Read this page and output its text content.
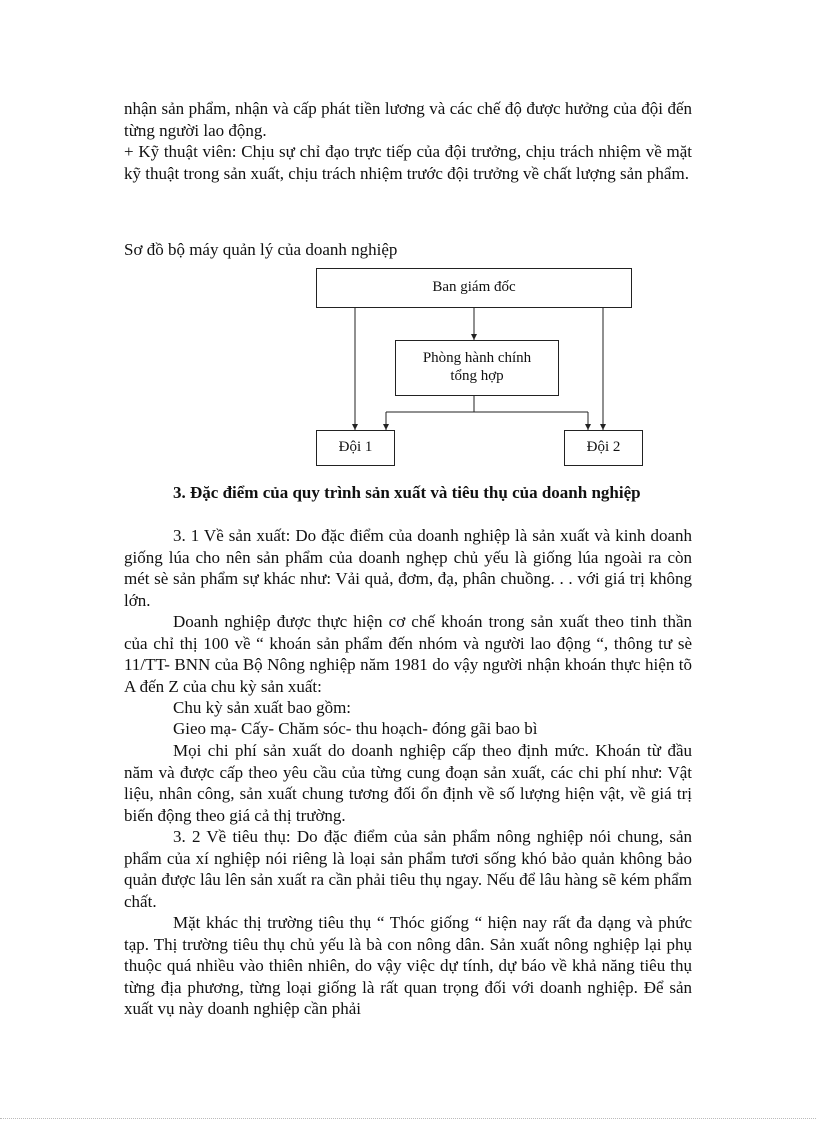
nhận sản phẩm, nhận và cấp phát tiền lương và các chế độ được hưởng của đội đến từng người lao động.

+ Kỹ thuật viên: Chịu sự chỉ đạo trực tiếp của đội trưởng, chịu trách nhiệm về mặt kỹ thuật trong sản xuất, chịu trách nhiệm trước đội trưởng về chất lượng sản phẩm.

Sơ đồ bộ máy quản lý của doanh nghiệp

Ban giám đốc
Phòng hành chính
tổng hợp
Đội 1	Đội 2

3. Đặc điểm của quy trình sản xuất và tiêu thụ của doanh nghiệp

3. 1 Về sản xuất: Do đặc điểm của doanh nghiệp là sản xuất và kinh doanh giống lúa cho nên sản phẩm của doanh nghẹp chủ yếu là giống lúa ngoài ra còn mét sè sản phẩm sự khác như: Vải quả, đơm, đạ, phân chuồng. . . với giá trị không lớn.

Doanh nghiệp được thực hiện cơ chế khoán trong sản xuất theo tinh thần của chỉ thị 100 về “ khoán sản phẩm đến nhóm và người lao động “, thông tư sè 11/TT- BNN của Bộ Nông nghiệp năm 1981 do vậy người nhận khoán thực hiện tõ A đến Z của chu kỳ sản xuất:

Chu kỳ sản xuất bao gồm:

Gieo mạ- Cấy- Chăm sóc- thu hoạch- đóng gãi bao bì

Mọi chi phí sản xuất do doanh nghiệp cấp theo định mức. Khoán từ đầu năm và được cấp theo yêu cầu của từng cung đoạn sản xuất, các chi phí như: Vật liệu, nhân công, sản xuất chung tương đối ổn định về số lượng hiện vật, về giá trị biến động theo giá cả thị trường.

3. 2 Về tiêu thụ: Do đặc điểm của sản phẩm nông nghiệp nói chung, sản phẩm của xí nghiệp nói riêng là loại sản phẩm tươi sống khó bảo quản không bảo quản được lâu lên sản xuất ra cần phải tiêu thụ ngay. Nếu để lâu hàng sẽ kém phẩm chất.

Mặt khác thị trường tiêu thụ “ Thóc giống “ hiện nay rất đa dạng và phức tạp. Thị trường tiêu thụ chủ yếu là bà con nông dân. Sản xuất nông nghiệp lại phụ thuộc quá nhiều vào thiên nhiên, do vậy việc dự tính, dự báo về khả năng tiêu thụ từng địa phương, từng loại giống là rất quan trọng đối với doanh nghiệp. Để sản xuất vụ này doanh nghiệp cần phải
